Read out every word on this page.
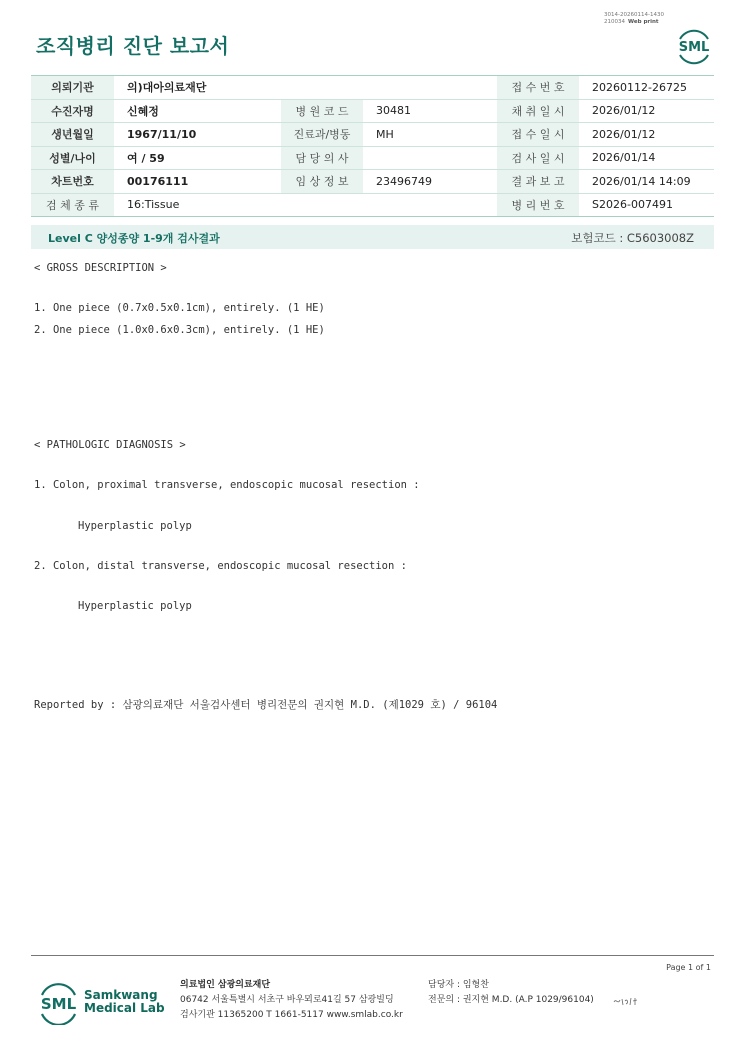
3014-20260114-1430
210034 Web print
조직병리 진단 보고서	SML
의뢰기관	의)대아의료재단			접 수 번 호	20260112-26725
수진자명	신혜정	병 원 코 드	30481	채 취 일 시	2026/01/12
생년월일	1967/11/10	진료과/병동	MH	접 수 일 시	2026/01/12
성별/나이	여 / 59	담 당 의 사		검 사 일 시	2026/01/14
차트번호	00176111	임 상 정 보	23496749	결 과 보 고	2026/01/14 14:09
검 체 종 류	16:Tissue			병 리 번 호	S2026-007491
Level C 양성종양 1-9개 검사결과	보험코드 : C5603008Z
< GROSS DESCRIPTION >
1. One piece (0.7x0.5x0.1cm), entirely. (1 HE)
2. One piece (1.0x0.6x0.3cm), entirely. (1 HE)
< PATHOLOGIC DIAGNOSIS >
1. Colon, proximal transverse, endoscopic mucosal resection :
Hyperplastic polyp
2. Colon, distal transverse, endoscopic mucosal resection :
Hyperplastic polyp
Reported by : 삼광의료재단 서울검사센터 병리전문의 권지현 M.D. (제1029 호) / 96104
Page 1 of 1
SML Samkwang
Medical Lab
의료법인 삼광의료재단
06742 서울특별시 서초구 바우뫼로41길 57 삼광빌딩
검사기관 11365200 T 1661-5117 www.smlab.co.kr
담당자 : 임형찬
전문의 : 권지현 M.D. (A.P 1029/96104)
